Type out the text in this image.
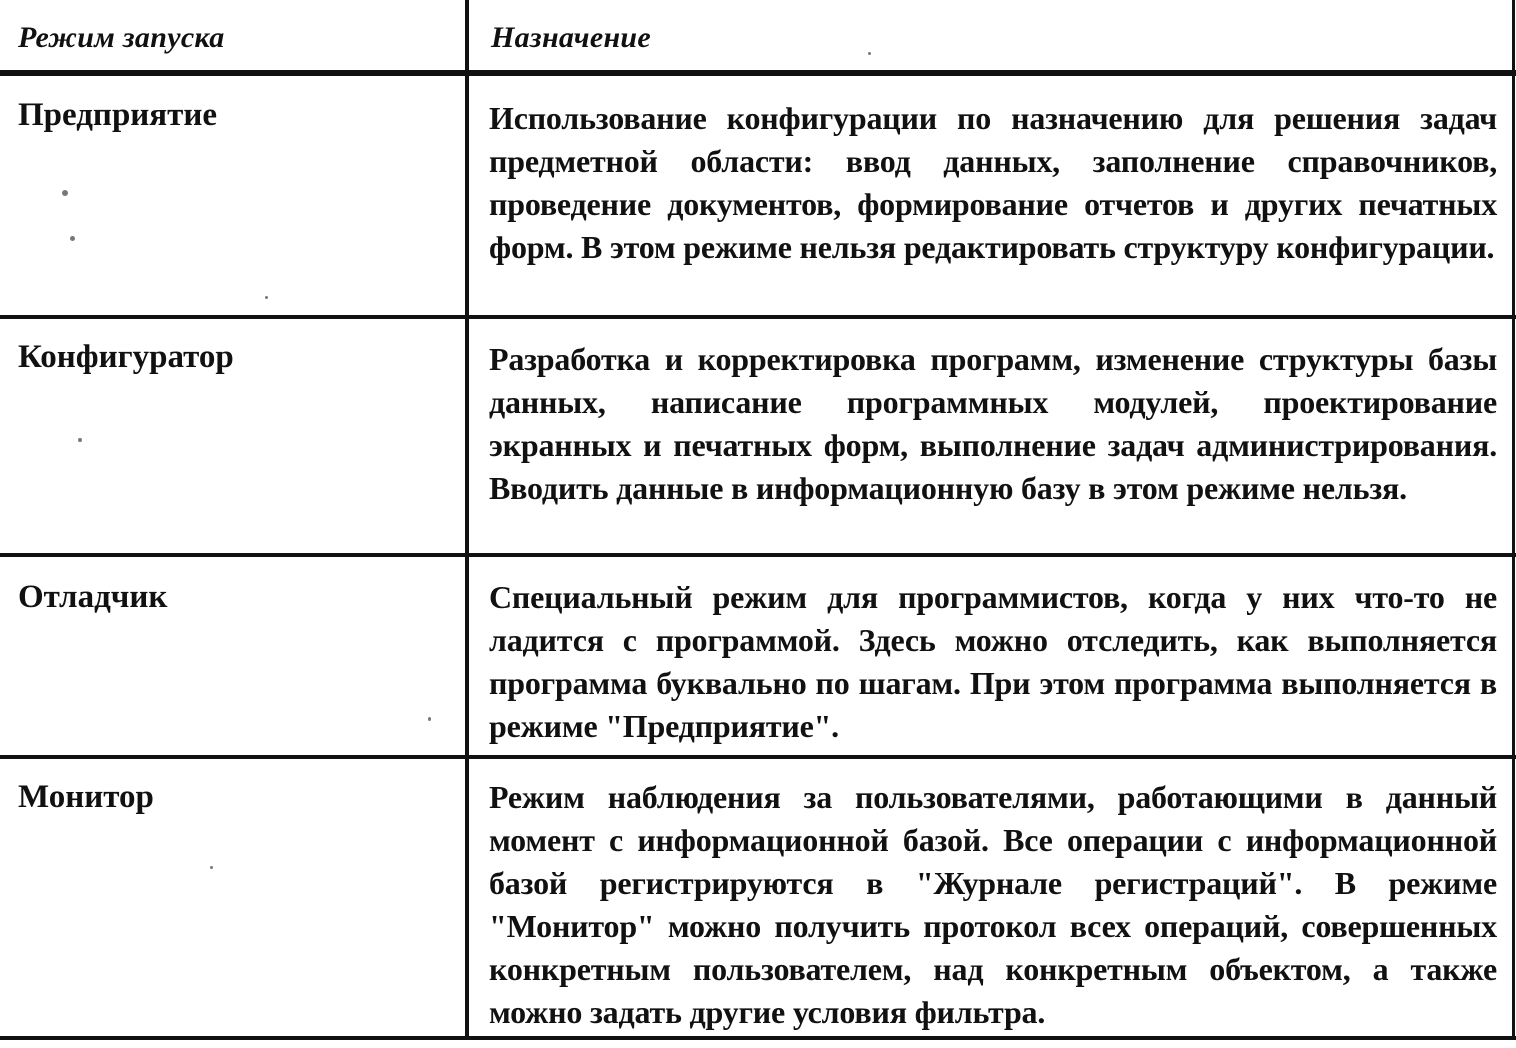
Режим запуска	Назначение
Предприятие	Использование конфигурации по назначению для решения задач предметной области: ввод данных, заполнение справочников, проведение документов, формирование отчетов и других печатных форм. В этом режиме нельзя редактировать структуру конфигурации.
Конфигуратор	Разработка и корректировка программ, изменение структуры базы данных, написание программных модулей, проектирование экранных и печатных форм, выполнение задач администрирования. Вводить данные в информационную базу в этом режиме нельзя.
Отладчик	Специальный режим для программистов, когда у них что-то не ладится с программой. Здесь можно отследить, как выполняется программа буквально по шагам. При этом программа выполняется в режиме "Предприятие".
Монитор	Режим наблюдения за пользователями, работающими в данный момент с информационной базой. Все операции с информационной базой регистрируются в "Журнале регистраций". В режиме "Монитор" можно получить протокол всех операций, совершенных конкретным пользователем, над конкретным объектом, а также можно задать другие условия фильтра.
